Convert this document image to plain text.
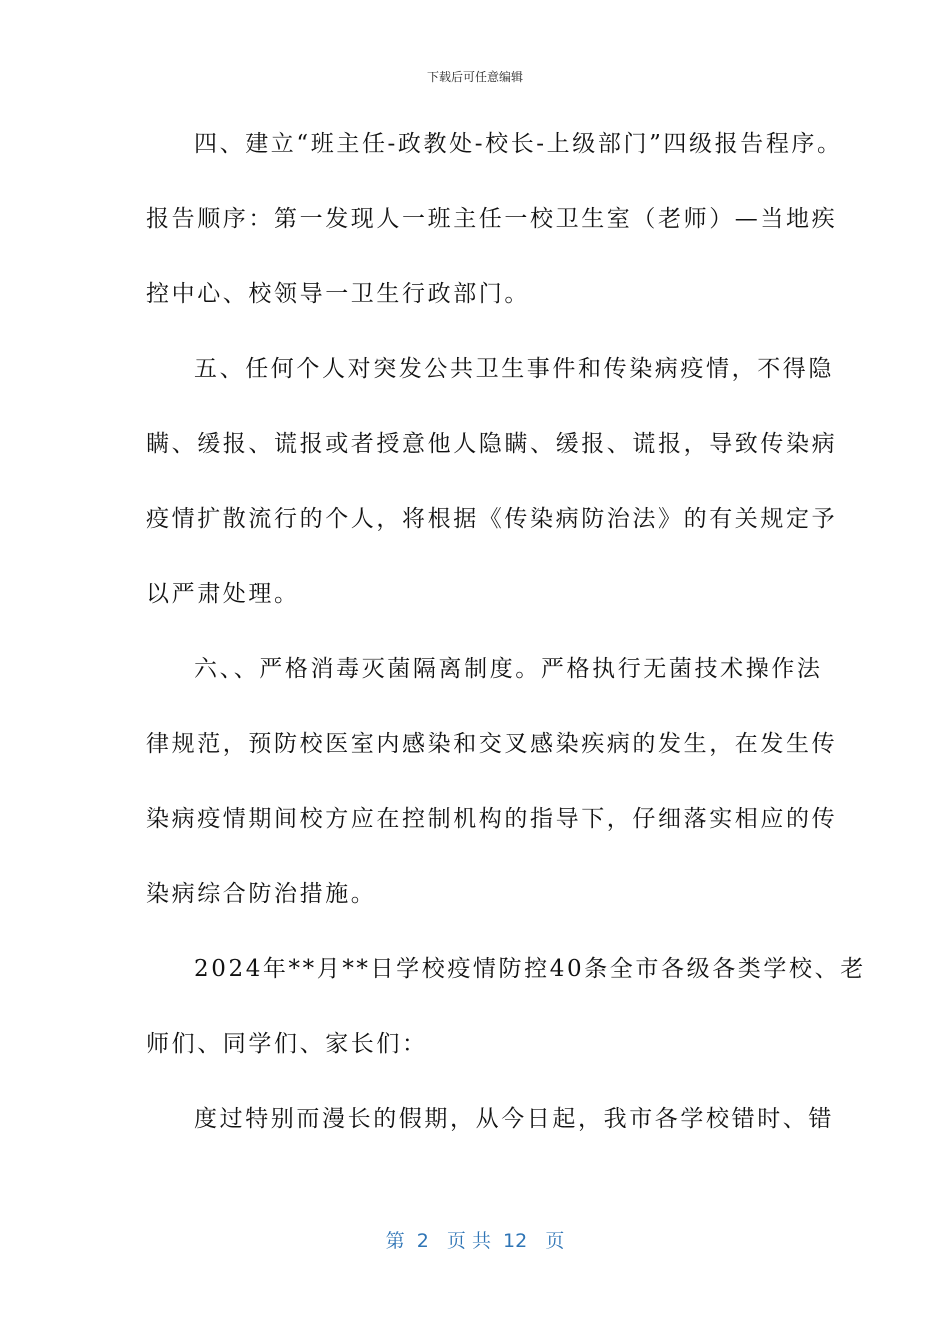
下载后可任意编辑
四、建立“班主任-政教处-校长-上级部门”四级报告程序。
报告顺序：第一发现人一班主任一校卫生室（老师）—当地疾
控中心、校领导一卫生行政部门。
五、任何个人对突发公共卫生事件和传染病疫情，不得隐
瞒、缓报、谎报或者授意他人隐瞒、缓报、谎报，导致传染病
疫情扩散流行的个人，将根据《传染病防治法》的有关规定予
以严肃处理。
六、、严格消毒灭菌隔离制度。严格执行无菌技术操作法
律规范，预防校医室内感染和交叉感染疾病的发生，在发生传
染病疫情期间校方应在控制机构的指导下，仔细落实相应的传
染病综合防治措施。
2024年**月**日学校疫情防控40条全市各级各类学校、老
师们、同学们、家长们：
度过特别而漫长的假期，从今日起，我市各学校错时、错
第  2   页 共  12   页
